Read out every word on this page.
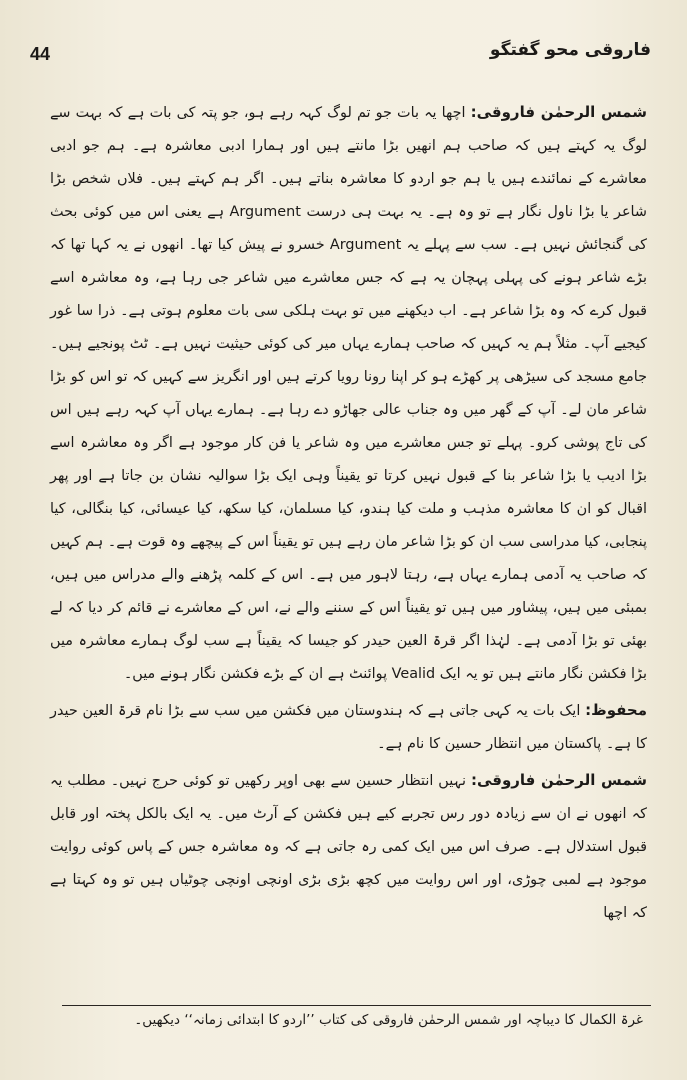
44	فاروقی محو گفتگو

شمس الرحمٰن فاروقی: اچھا یہ بات جو تم لوگ کہہ رہے ہو، جو پتہ کی بات ہے کہ بہت سے لوگ یہ کہتے ہیں کہ صاحب ہم انھیں بڑا مانتے ہیں اور ہمارا ادبی معاشرہ ہے۔ ہم جو ادبی معاشرے کے نمائندے ہیں یا ہم جو اردو کا معاشرہ بناتے ہیں۔ اگر ہم کہتے ہیں۔ فلاں شخص بڑا شاعر یا بڑا ناول نگار ہے تو وہ ہے۔ یہ بہت ہی درست Argument ہے یعنی اس میں کوئی بحث کی گنجائش نہیں ہے۔ سب سے پہلے یہ Argument خسرو نے پیش کیا تھا۔ انھوں نے یہ کہا تھا کہ بڑے شاعر ہونے کی پہلی پہچان یہ ہے کہ جس معاشرے میں شاعر جی رہا ہے، وہ معاشرہ اسے قبول کرے کہ وہ بڑا شاعر ہے۔ اب دیکھنے میں تو بہت ہلکی سی بات معلوم ہوتی ہے۔ ذرا سا غور کیجیے آپ۔ مثلاً ہم یہ کہیں کہ صاحب ہمارے یہاں میر کی کوئی حیثیت نہیں ہے۔ ٹٹ پونجیے ہیں۔ جامع مسجد کی سیڑھی پر کھڑے ہو کر اپنا رونا رویا کرتے ہیں اور انگریز سے کہیں کہ تو اس کو بڑا شاعر مان لے۔ آپ کے گھر میں وہ جناب عالی جھاڑو دے رہا ہے۔ ہمارے یہاں آپ کہہ رہے ہیں اس کی تاج پوشی کرو۔ پہلے تو جس معاشرے میں وہ شاعر یا فن کار موجود ہے اگر وہ معاشرہ اسے بڑا ادیب یا بڑا شاعر بنا کے قبول نہیں کرتا تو یقیناً وہی ایک بڑا سوالیہ نشان بن جاتا ہے اور پھر اقبال کو ان کا معاشرہ مذہب و ملت کیا ہندو، کیا مسلمان، کیا سکھ، کیا عیسائی، کیا بنگالی، کیا پنجابی، کیا مدراسی سب ان کو بڑا شاعر مان رہے ہیں تو یقیناً اس کے پیچھے وہ قوت ہے۔ ہم کہیں کہ صاحب یہ آدمی ہمارے یہاں ہے، رہتا لاہور میں ہے۔ اس کے کلمہ پڑھنے والے مدراس میں ہیں، بمبئی میں ہیں، پیشاور میں ہیں تو یقیناً اس کے سننے والے نے، اس کے معاشرے نے قائم کر دیا کہ لے بھئی تو بڑا آدمی ہے۔ لہٰذا اگر قرۃ العین حیدر کو جیسا کہ یقیناً ہے سب لوگ ہمارے معاشرہ میں بڑا فکشن نگار مانتے ہیں تو یہ ایک Vealid پوائنٹ ہے ان کے بڑے فکشن نگار ہونے میں۔

محفوظ: ایک بات یہ کہی جاتی ہے کہ ہندوستان میں فکشن میں سب سے بڑا نام قرۃ العین حیدر کا ہے۔ پاکستان میں انتظار حسین کا نام ہے۔

شمس الرحمٰن فاروقی: نہیں انتظار حسین سے بھی اوپر رکھیں تو کوئی حرج نہیں۔ مطلب یہ کہ انھوں نے ان سے زیادہ دور رس تجربے کیے ہیں فکشن کے آرٹ میں۔ یہ ایک بالکل پختہ اور قابل قبول استدلال ہے۔ صرف اس میں ایک کمی رہ جاتی ہے کہ وہ معاشرہ جس کے پاس کوئی روایت موجود ہے لمبی چوڑی، اور اس روایت میں کچھ بڑی بڑی اونچی اونچی چوٹیاں ہیں تو وہ کہتا ہے کہ اچھا

غرۃ الکمال کا دیباچہ اور شمس الرحمٰن فاروقی کی کتاب ’’اردو کا ابتدائی زمانہ‘‘ دیکھیں۔
